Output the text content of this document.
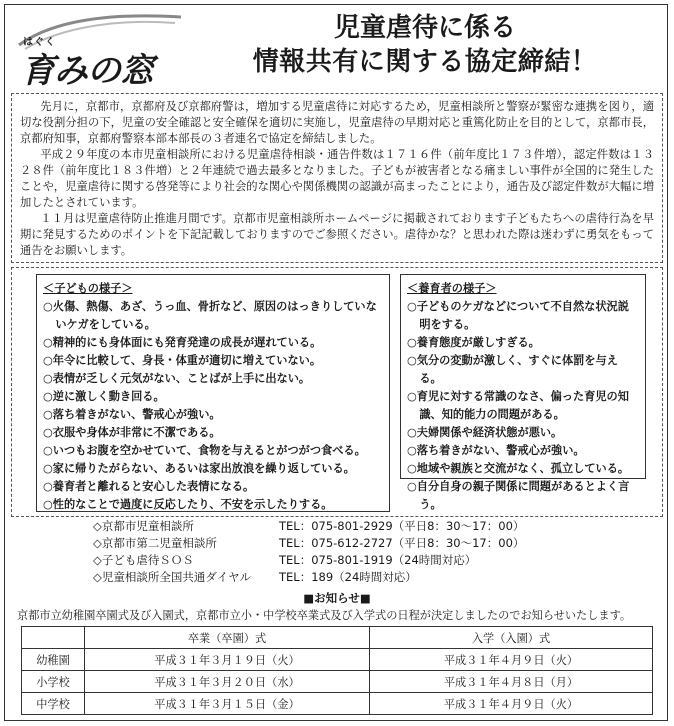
はぐく
育みの窓
児童虐待に係る
情報共有に関する協定締結！

先月に，京都市，京都府及び京都府警は，増加する児童虐待に対応するため，児童相談所と警察が緊密な連携を図り，適切な役割分担の下，児童の安全確認と安全確保を適切に実施し，児童虐待の早期対応と重篤化防止を目的として，京都市長，京都府知事，京都府警察本部本部長の３者連名で協定を締結しました。

平成２９年度の本市児童相談所における児童虐待相談・通告件数は１７１６件（前年度比１７３件増），認定件数は１３２８件（前年度比１８３件増）と２年連続で過去最多となりました。子どもが被害者となる痛ましい事件が全国的に発生したことや，児童虐待に関する啓発等により社会的な関心や関係機関の認識が高まったことにより，通告及び認定件数が大幅に増加したとされています。

１１月は児童虐待防止推進月間です。京都市児童相談所ホームページに掲載されております子どもたちへの虐待行為を早期に発見するためのポイントを下記記載しておりますのでご参照ください。虐待かな？と思われた際は迷わずに勇気をもって通告をお願いします。

＜子どもの様子＞
○火傷、熱傷、あざ、うっ血、骨折など、原因のはっきりしていないケガをしている。
○精神的にも身体面にも発育発達の成長が遅れている。
○年令に比較して、身長・体重が適切に増えていない。
○表情が乏しく元気がない、ことばが上手に出ない。
○逆に激しく動き回る。
○落ち着きがない、警戒心が強い。
○衣服や身体が非常に不潔である。
○いつもお腹を空かせていて、食物を与えるとがつがつ食べる。
○家に帰りたがらない、あるいは家出放浪を繰り返している。
○養育者と離れると安心した表情になる。
○性的なことで過度に反応したり、不安を示したりする。
＜養育者の様子＞
○子どものケガなどについて不自然な状況説明をする。
○養育態度が厳しすぎる。
○気分の変動が激しく、すぐに体罰を与える。
○育児に対する常識のなさ、偏った育児の知識、知的能力の問題がある。
○夫婦関係や経済状態が悪い。
○落ち着きがない、警戒心が強い。
○地域や親族と交流がなく、孤立している。
○自分自身の親子関係に問題があるとよく言う。
◇京都市児童相談所	TEL：075-801-2929（平日8：30～17：00）
◇京都市第二児童相談所	TEL：075-612-2727（平日8：30～17：00）
◇子ども虐待ＳＯＳ	TEL：075-801-1919（24時間対応）
◇児童相談所全国共通ダイヤル	TEL：189（24時間対応）
■お知らせ■
京都市立幼稚園卒園式及び入園式，京都市立小・中学校卒業式及び入学式の日程が決定しましたのでお知らせいたします。
	卒業（卒園）式	入学（入園）式
幼稚園	平成３１年３月１９日（火）	平成３１年４月９日（火）
小学校	平成３１年３月２０日（水）	平成３１年４月８日（月）
中学校	平成３１年３月１５日（金）	平成３１年４月９日（火）
